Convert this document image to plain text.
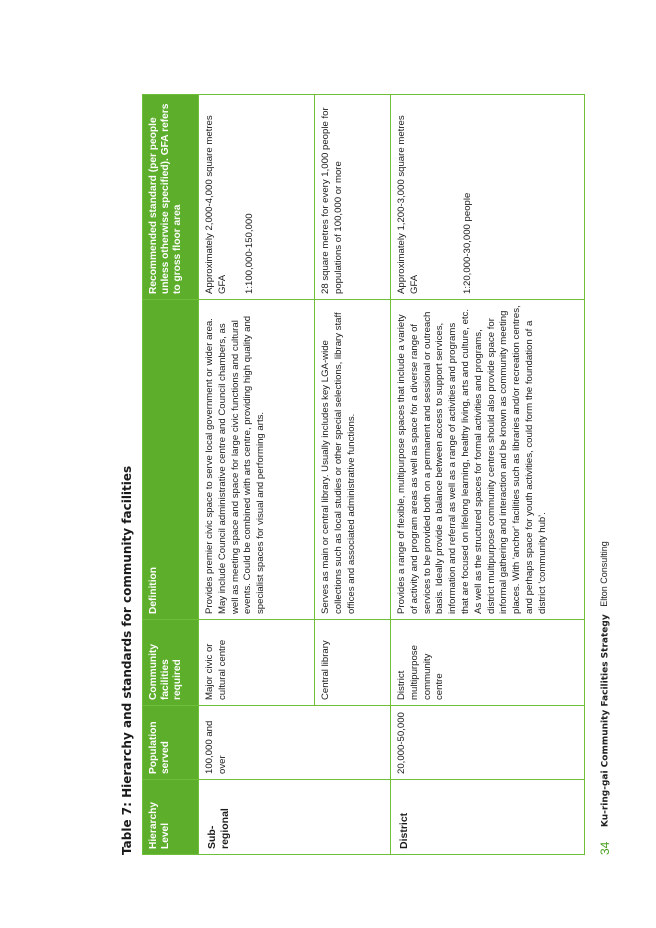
Table 7: Hierarchy and standards for community facilities Hierarchy Level	Population served	Community facilities required	Definition	Recommended standard (per people unless otherwise specified). GFA refers to gross floor area
Sub-regional	100,000 and over	Major civic or cultural centre	Provides premier civic space to serve local government or wider area. May include Council administrative centre and Council chambers, as well as meeting space and space for large civic functions and cultural events. Could be combined with arts centre, providing high quality and specialist spaces for visual and performing arts.	Approximately 2,000-4,000 square metres GFA 1:100,000-150,000

		Central library	Serves as main or central library. Usually includes key LGA-wide collections such as local studies or other special selections, library staff offices and associated administrative functions.	28 square metres for every 1,000 people for populations of 100,000 or more
District	20,000-50,000	District multipurpose community centre	Provides a range of flexible, multipurpose spaces that include a variety of activity and program areas as well as space for a diverse range of services to be provided both on a permanent and sessional or outreach basis. Ideally provide a balance between access to support services, information and referral as well as a range of activities and programs that are focused on lifelong learning, healthy living, arts and culture, etc. As well as the structured spaces for formal activities and programs, district multipurpose community centres should also provide space for informal gathering and interaction and be known as community meeting places. With 'anchor' facilities such as libraries and/or recreation centres, and perhaps space for youth activities, could form the foundation of a district 'community hub'.	Approximately 1,200-3,000 square metres GFA 1:20,000-30,000 people

34 Ku-ring-gai Community Facilities Strategy Elton Consulting
